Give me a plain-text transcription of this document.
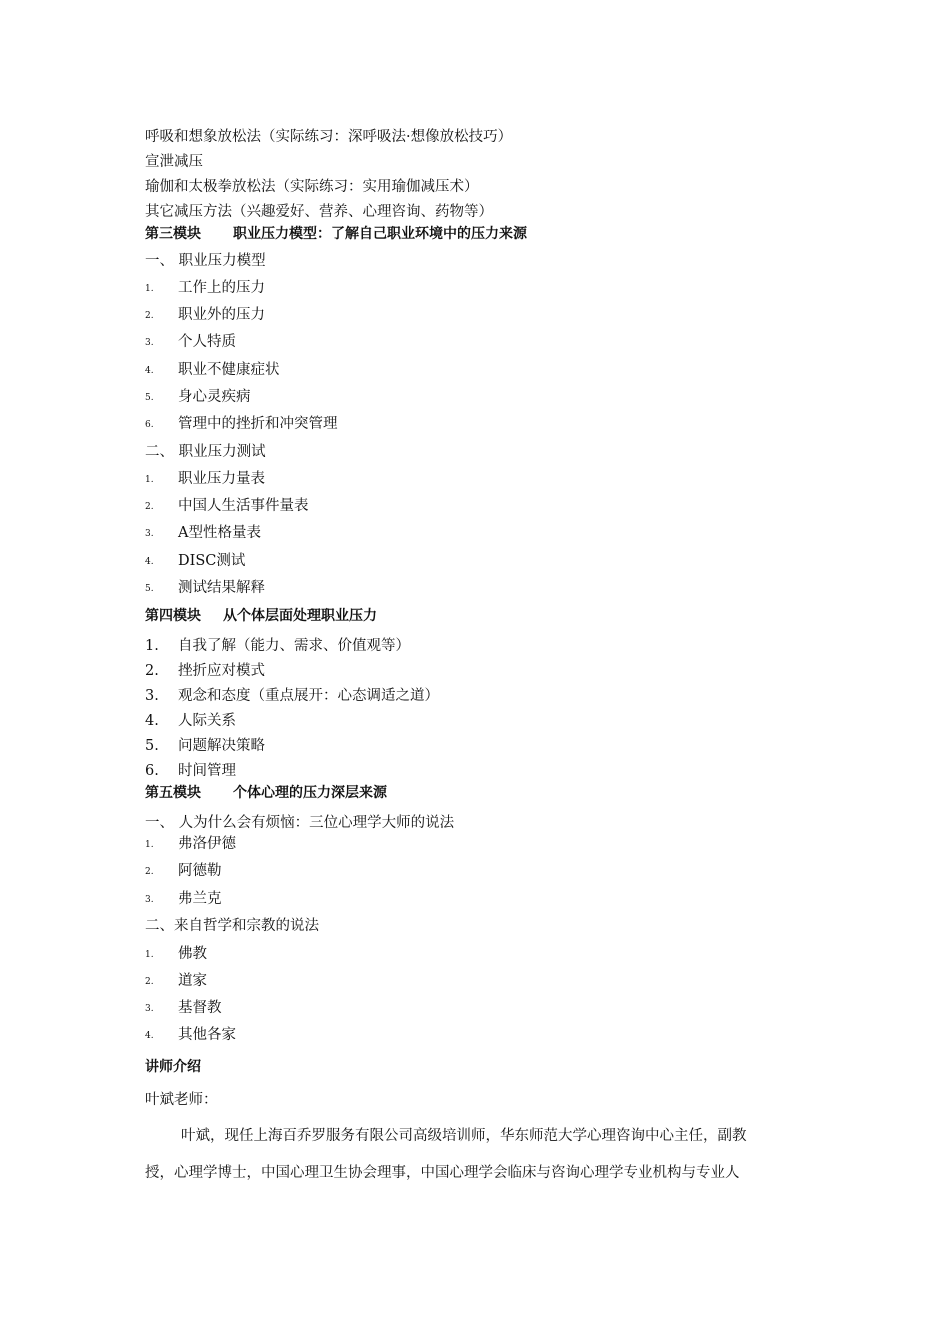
呼吸和想象放松法（实际练习：深呼吸法·想像放松技巧）
宣泄减压
瑜伽和太极拳放松法（实际练习：实用瑜伽减压术）
其它减压方法（兴趣爱好、营养、心理咨询、药物等）
第三模块 职业压力模型：了解自己职业环境中的压力来源
一、 职业压力模型
1. 工作上的压力
2. 职业外的压力
3. 个人特质
4. 职业不健康症状
5. 身心灵疾病
6. 管理中的挫折和冲突管理
二、 职业压力测试
1. 职业压力量表
2. 中国人生活事件量表
3. A型性格量表
4. DISC测试
5. 测试结果解释
第四模块 从个体层面处理职业压力
1. 自我了解（能力、需求、价值观等）
2. 挫折应对模式
3. 观念和态度（重点展开：心态调适之道）
4. 人际关系
5. 问题解决策略
6. 时间管理
第五模块 个体心理的压力深层来源
一、 人为什么会有烦恼：三位心理学大师的说法
1. 弗洛伊德
2. 阿德勒
3. 弗兰克
二、来自哲学和宗教的说法
1. 佛教
2. 道家
3. 基督教
4. 其他各家
讲师介绍
叶斌老师：
叶斌，现任上海百乔罗服务有限公司高级培训师，华东师范大学心理咨询中心主任，副教
授，心理学博士，中国心理卫生协会理事，中国心理学会临床与咨询心理学专业机构与专业人
